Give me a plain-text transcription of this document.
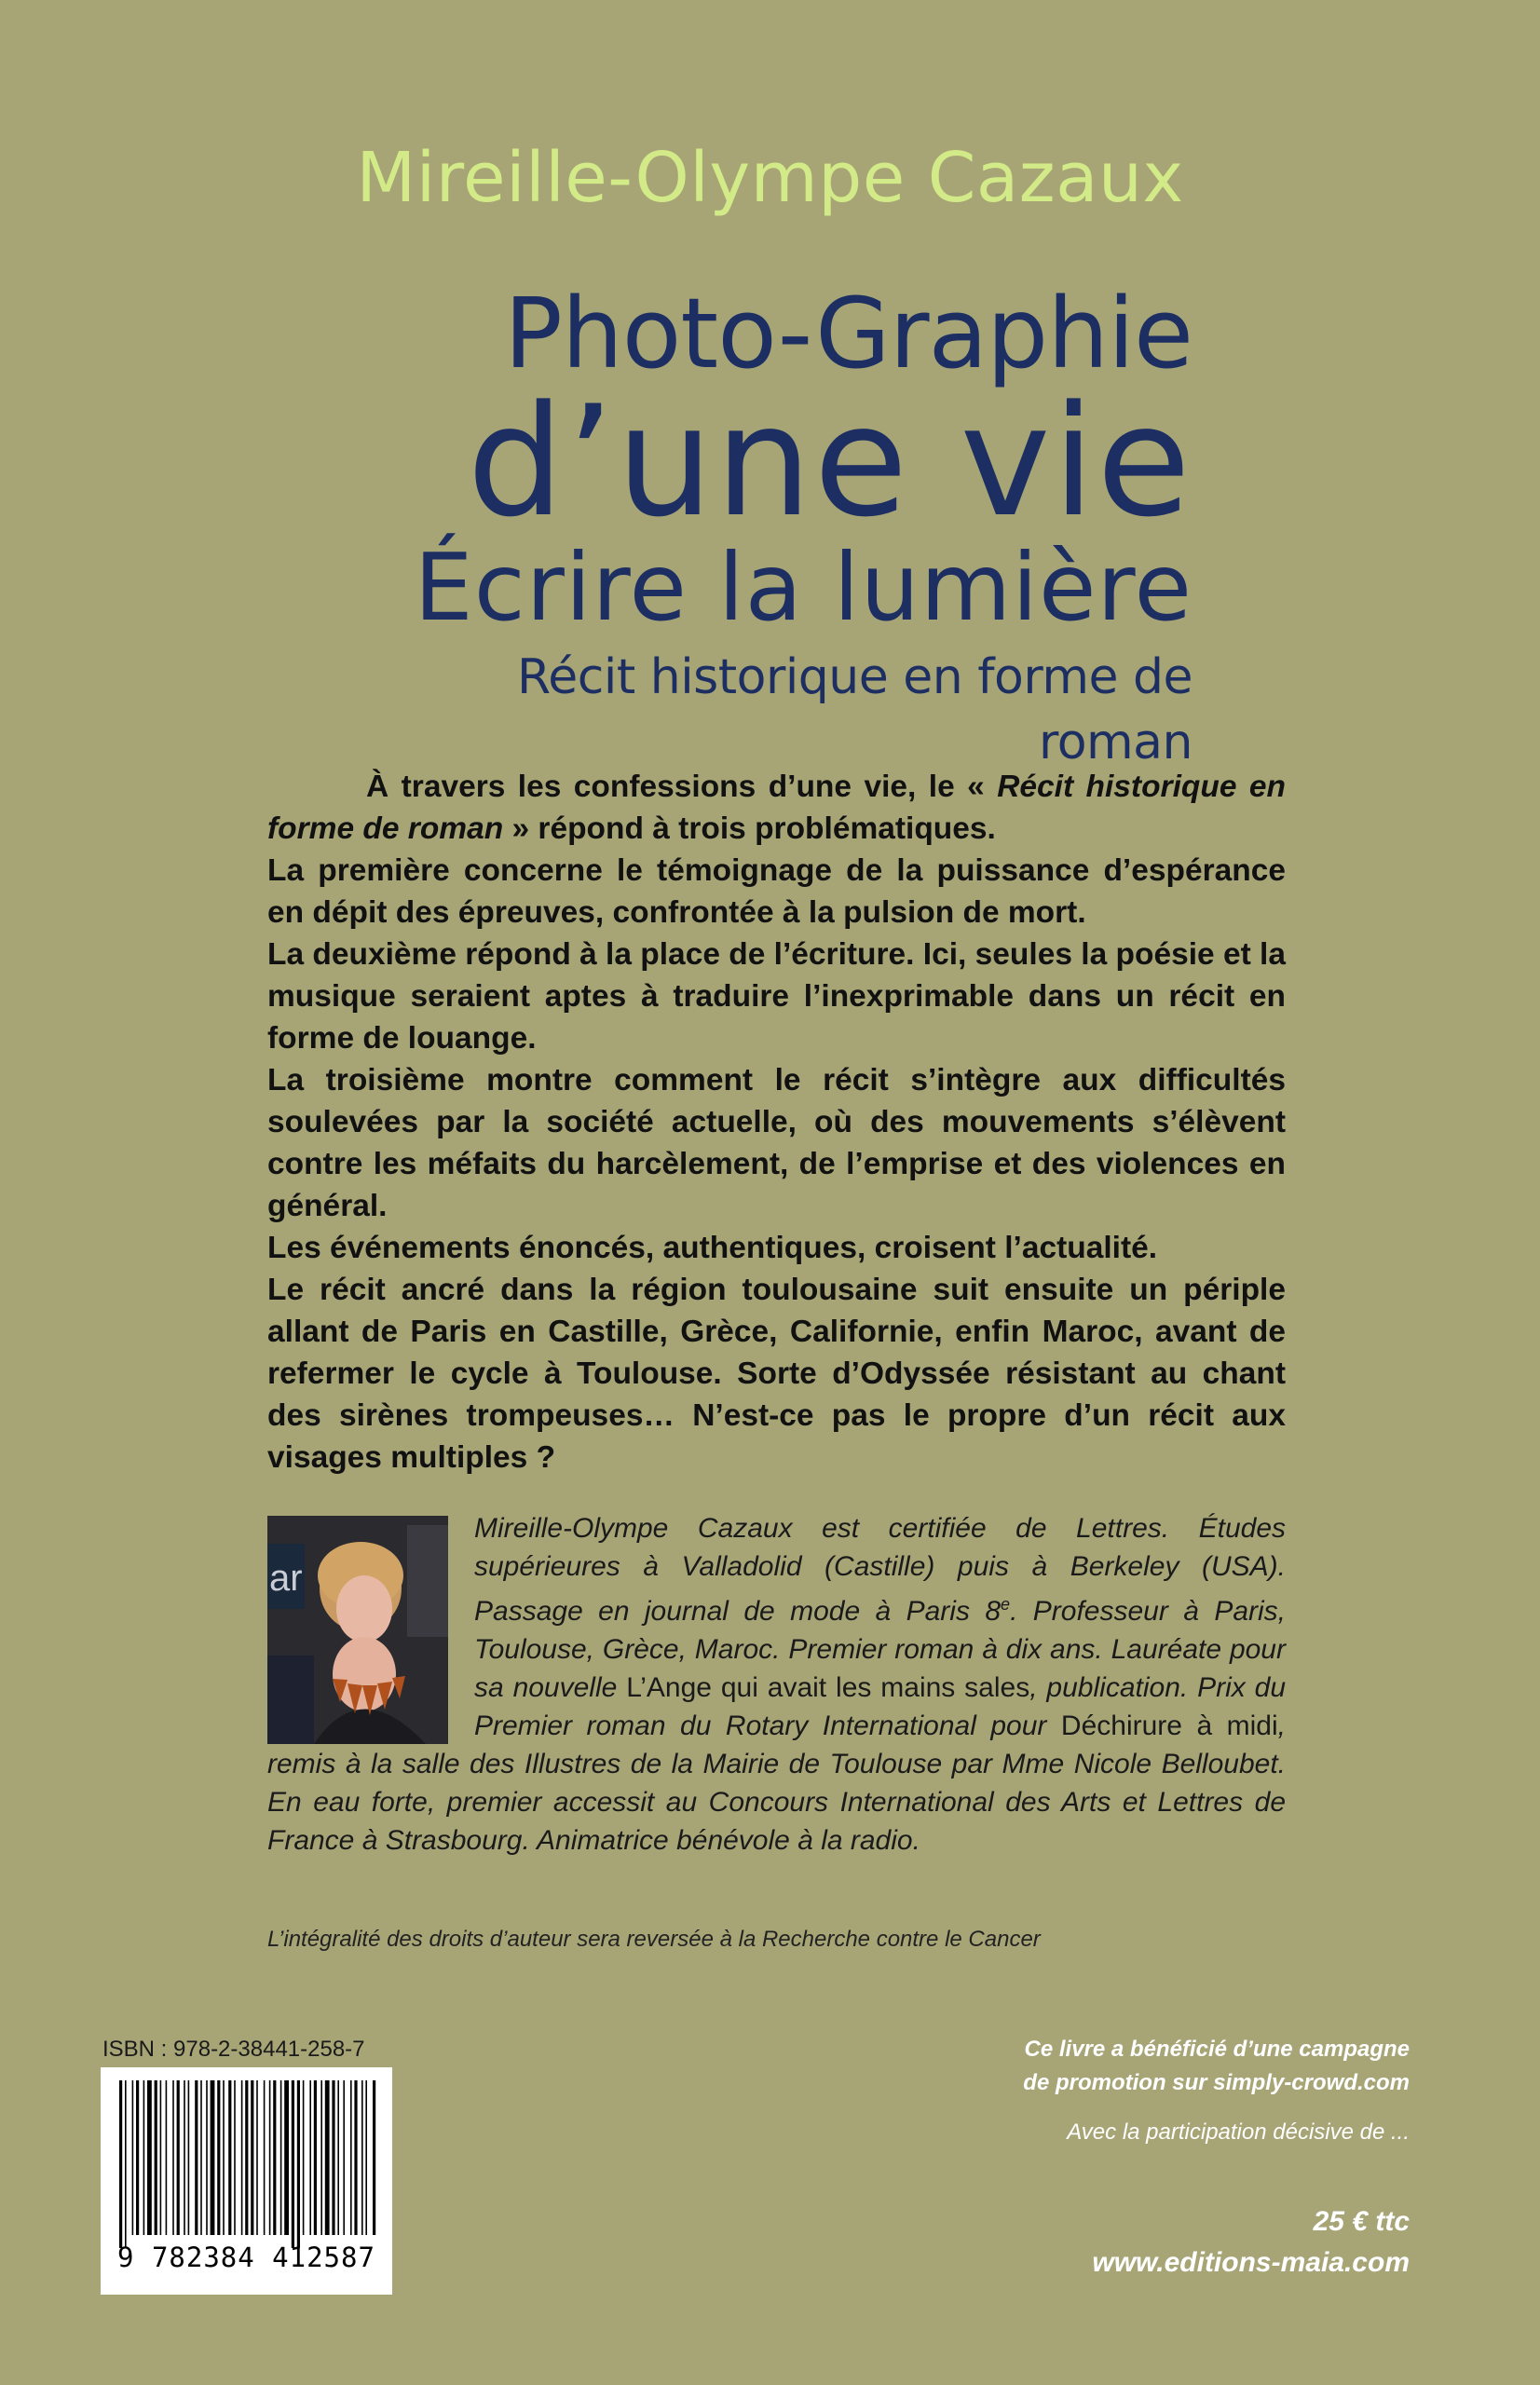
Mireille-Olympe Cazaux
Photo-Graphie
d’une vie
Écrire la lumière
Récit historique en forme de roman

À travers les confessions d’une vie, le « Récit historique en forme de roman » répond à trois problématiques.

La première concerne le témoignage de la puissance d’espérance en dépit des épreuves, confrontée à la pulsion de mort.

La deuxième répond à la place de l’écriture. Ici, seules la poésie et la musique seraient aptes à traduire l’inexprimable dans un récit en forme de louange.

La troisième montre comment le récit s’intègre aux difficultés soulevées par la société actuelle, où des mouvements s’élèvent contre les méfaits du harcèlement, de l’emprise et des violences en général.

Les événements énoncés, authentiques, croisent l’actualité.

Le récit ancré dans la région toulousaine suit ensuite un périple allant de Paris en Castille, Grèce, Californie, enfin Maroc, avant de refermer le cycle à Toulouse. Sorte d’Odyssée résistant au chant des sirènes trompeuses… N’est-ce pas le propre d’un récit aux visages multiples ?

ar
Mireille-Olympe Cazaux est certifiée de Lettres. Études supérieures à Valladolid (Castille) puis à Berkeley (USA). Passage en journal de mode à Paris 8e. Professeur à Paris, Toulouse, Grèce, Maroc. Premier roman à dix ans. Lauréate pour sa nouvelle L’Ange qui avait les mains sales, publication. Prix du Premier roman du Rotary International pour Déchirure à midi, remis à la salle des Illustres de la Mairie de Toulouse par Mme Nicole Belloubet. En eau forte, premier accessit au Concours International des Arts et Lettres de France à Strasbourg. Animatrice bénévole à la radio.
L’intégralité des droits d’auteur sera reversée à la Recherche contre le Cancer
ISBN : 978-2-38441-258-7
9 782384 412587
Ce livre a bénéficié d’une campagne
de promotion sur simply-crowd.com
Avec la participation décisive de ...
25 € ttc
www.editions-maia.com
